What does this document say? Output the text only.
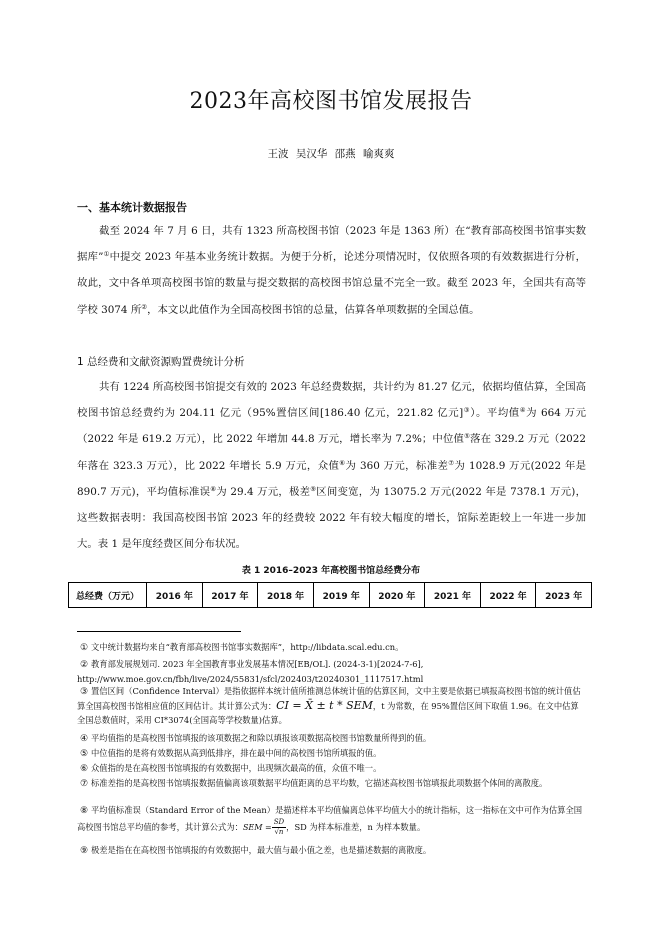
2023年高校图书馆发展报告
王波 吴汉华 邵燕 喻爽爽
一、基本统计数据报告
截至 2024 年 7 月 6 日，共有 1323 所高校图书馆（2023 年是 1363 所）在“教育部高校图书馆事实数据库”①中提交 2023 年基本业务统计数据。为便于分析，论述分项情况时，仅依照各项的有效数据进行分析，故此，文中各单项高校图书馆的数量与提交数据的高校图书馆总量不完全一致。截至 2023 年，全国共有高等学校 3074 所②，本文以此值作为全国高校图书馆的总量，估算各单项数据的全国总值。
1 总经费和文献资源购置费统计分析
共有 1224 所高校图书馆提交有效的 2023 年总经费数据，共计约为 81.27 亿元，依据均值估算，全国高校图书馆总经费约为 204.11 亿元（95%置信区间[186.40 亿元，221.82 亿元]③）。平均值④为 664 万元（2022 年是 619.2 万元），比 2022 年增加 44.8 万元，增长率为 7.2%；中位值⑤落在 329.2 万元（2022 年落在 323.3 万元），比 2022 年增长 5.9 万元，众值⑥为 360 万元，标准差⑦为 1028.9 万元(2022 年是 890.7 万元)，平均值标准误⑧为 29.4 万元，极差⑨区间变宽，为 13075.2 万元(2022 年是 7378.1 万元)，这些数据表明：我国高校图书馆 2023 年的经费较 2022 年有较大幅度的增长，馆际差距较上一年进一步加大。表 1 是年度经费区间分布状况。
表 1 2016–2023 年高校图书馆总经费分布
总经费（万元）	2016 年	2017 年	2018 年	2019 年	2020 年	2021 年	2022 年	2023 年
① 文中统计数据均来自“教育部高校图书馆事实数据库”，http://libdata.scal.edu.cn。
② 教育部发展规划司. 2023 年全国教育事业发展基本情况[EB/OL]. (2024-3-1)[2024-7-6], http://www.moe.gov.cn/fbh/live/2024/55831/sfcl/202403/t20240301_1117517.html
③ 置信区间（Confidence Interval）是指依据样本统计值所推测总体统计值的估算区间，文中主要是依据已填报高校图书馆的统计值估算全国高校图书馆相应值的区间估计。其计算公式为：CI = X̄ ± t * SEM，t 为常数，在 95%置信区间下取值 1.96。在文中估算全国总数值时，采用 CI*3074(全国高等学校数量)估算。
④ 平均值指的是高校图书馆填报的该项数据之和除以填报该项数据高校图书馆数量所得到的值。
⑤ 中位值指的是将有效数据从高到低排序，排在最中间的高校图书馆所填报的值。
⑥ 众值指的是在高校图书馆填报的有效数据中，出现频次最高的值，众值不唯一。
⑦ 标准差指的是高校图书馆填报数据值偏离该项数据平均值距离的总平均数，它描述高校图书馆填报此项数据个体间的离散度。
⑧ 平均值标准误（Standard Error of the Mean）是描述样本平均值偏离总体平均值大小的统计指标，这一指标在文中可作为估算全国高校图书馆总平均值的参考，其计算公式为：SEM = $\frac{SD}{√n}$ ，SD 为样本标准差，n 为样本数量。
⑨ 极差是指在在高校图书馆填报的有效数据中，最大值与最小值之差，也是描述数据的离散度。
